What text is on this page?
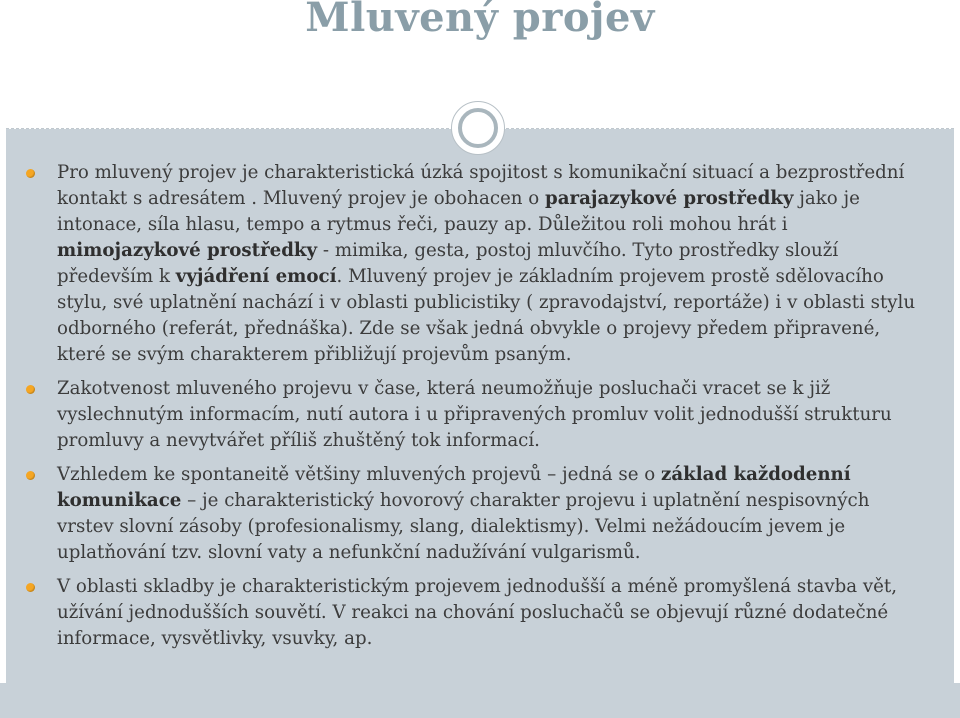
Mluvený projev
Pro mluvený projev je charakteristická úzká spojitost s komunikační situací a bezprostřední kontakt s adresátem . Mluvený projev je obohacen o parajazykové prostředky jako je intonace, síla hlasu, tempo a rytmus řeči, pauzy ap. Důležitou roli mohou hrát i mimojazykové prostředky - mimika, gesta, postoj mluvčího. Tyto prostředky slouží především k vyjádření emocí. Mluvený projev je základním projevem prostě sdělovacího stylu, své uplatnění nachází i v oblasti publicistiky ( zpravodajství, reportáže) i v oblasti stylu odborného (referát, přednáška). Zde se však jedná obvykle o projevy předem připravené, které se svým charakterem přibližují projevům psaným.
Zakotvenost mluveného projevu v čase, která neumožňuje posluchači vracet se k již vyslechnutým informacím, nutí autora i u připravených promluv volit jednodušší strukturu promluvy a nevytvářet příliš zhuštěný tok informací.
Vzhledem ke spontaneitě většiny mluvených projevů – jedná se o základ každodenní komunikace – je charakteristický hovorový charakter projevu i uplatnění nespisovných vrstev slovní zásoby (profesionalismy, slang, dialektismy). Velmi nežádoucím jevem je uplatňování tzv. slovní vaty a nefunkční nadužívání vulgarismů.
V oblasti skladby je charakteristickým projevem jednodušší a méně promyšlená stavba vět, užívání jednodušších souvětí. V reakci na chování posluchačů se objevují různé dodatečné informace, vysvětlivky, vsuvky, ap.
